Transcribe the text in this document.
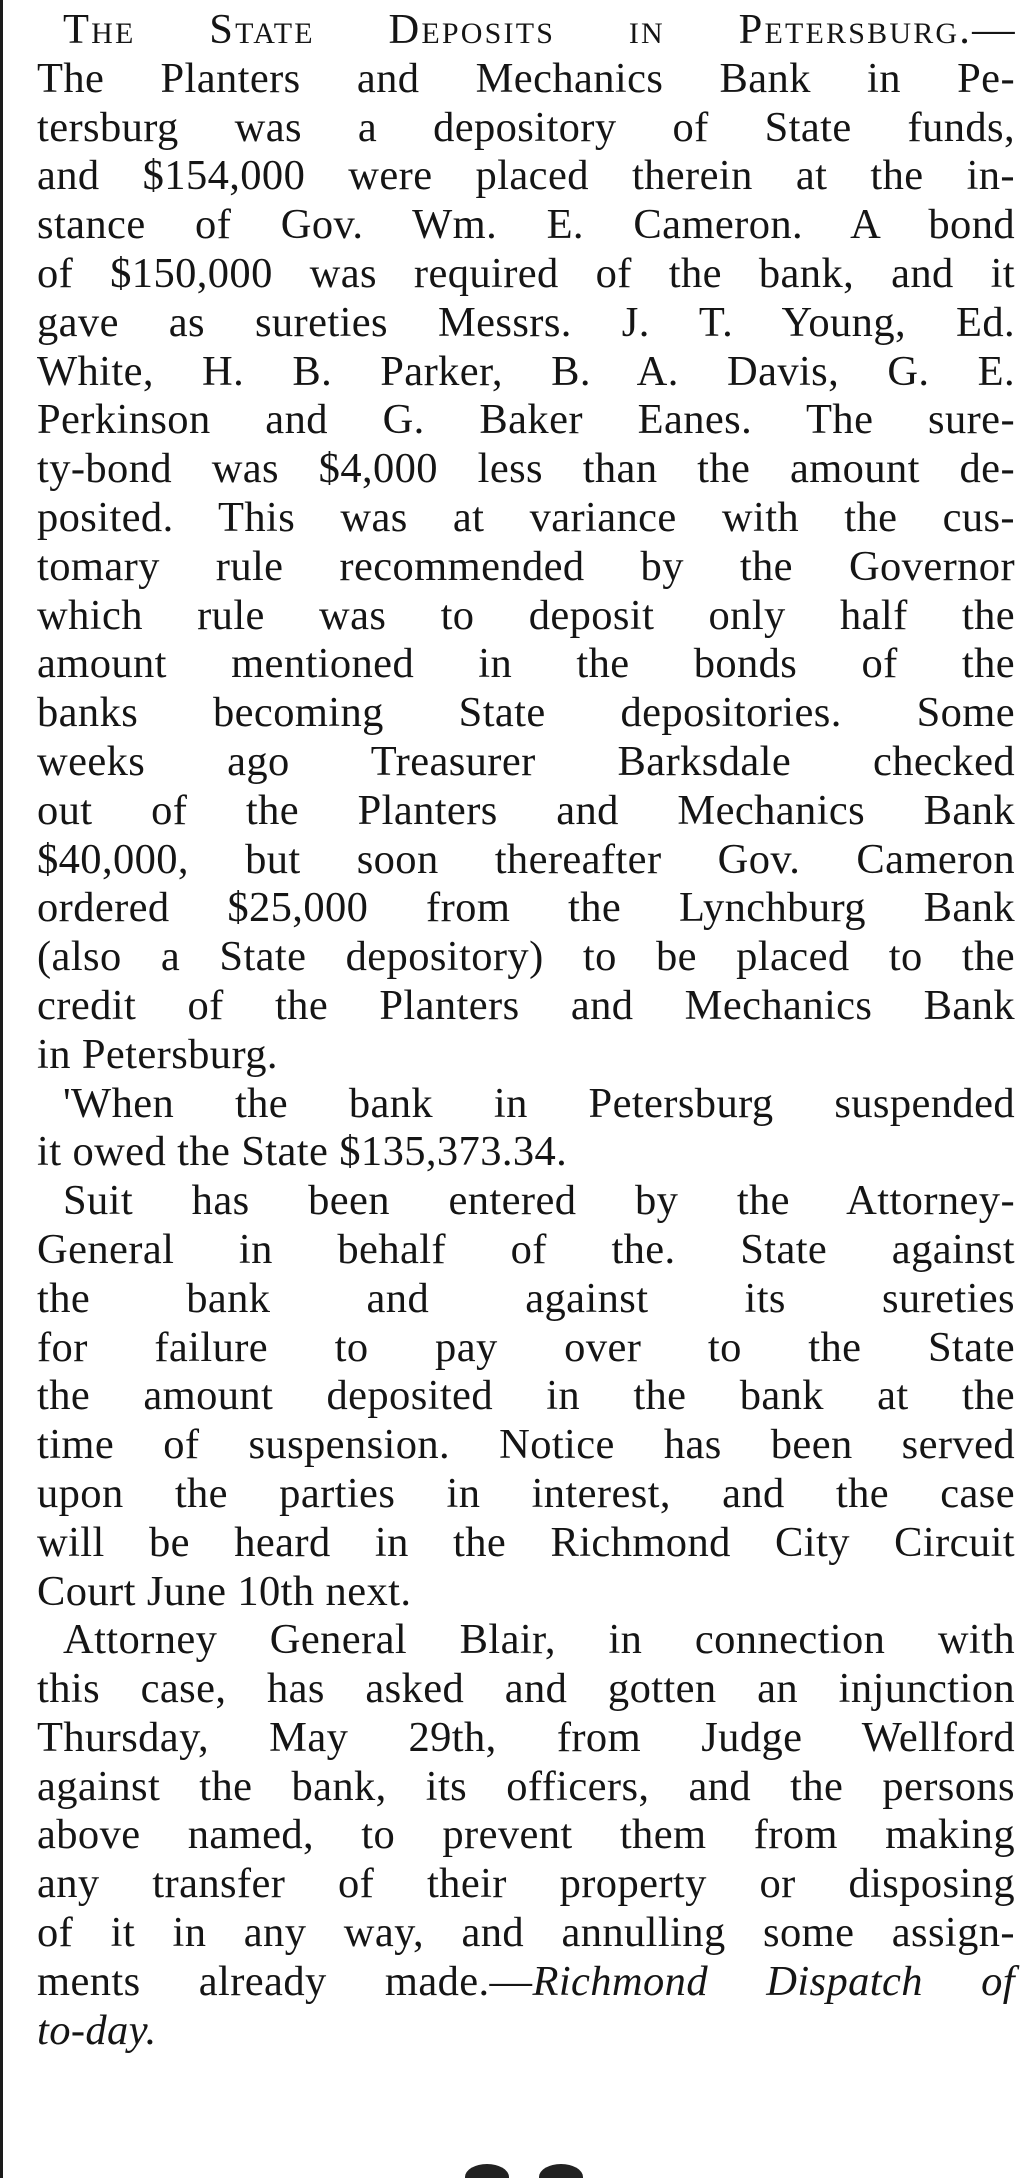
The State Deposits in Petersburg.—
The Planters and Mechanics Bank in Pe-
tersburg was a depository of State funds,
and $154,000 were placed therein at the in-
stance of Gov. Wm. E. Cameron. A bond
of $150,000 was required of the bank, and it
gave as sureties Messrs. J. T. Young, Ed.
White, H. B. Parker, B. A. Davis, G. E.
Perkinson and G. Baker Eanes. The sure-
ty-bond was $4,000 less than the amount de-
posited. This was at variance with the cus-
tomary rule recommended by the Governor
which rule was to deposit only half the
amount mentioned in the bonds of the
banks becoming State depositories. Some
weeks ago Treasurer Barksdale checked
out of the Planters and Mechanics Bank
$40,000, but soon thereafter Gov. Cameron
ordered $25,000 from the Lynchburg Bank
(also a State depository) to be placed to the
credit of the Planters and Mechanics Bank
in Petersburg.
'When the bank in Petersburg suspended
it owed the State $135,373.34.
Suit has been entered by the Attorney-
General in behalf of the. State against
the bank and against its sureties
for failure to pay over to the State
the amount deposited in the bank at the
time of suspension. Notice has been served
upon the parties in interest, and the case
will be heard in the Richmond City Circuit
Court June 10th next.
Attorney General Blair, in connection with
this case, has asked and gotten an injunction
Thursday, May 29th, from Judge Wellford
against the bank, its officers, and the persons
above named, to prevent them from making
any transfer of their property or disposing
of it in any way, and annulling some assign-
ments already made.—Richmond Dispatch of
to-day.
